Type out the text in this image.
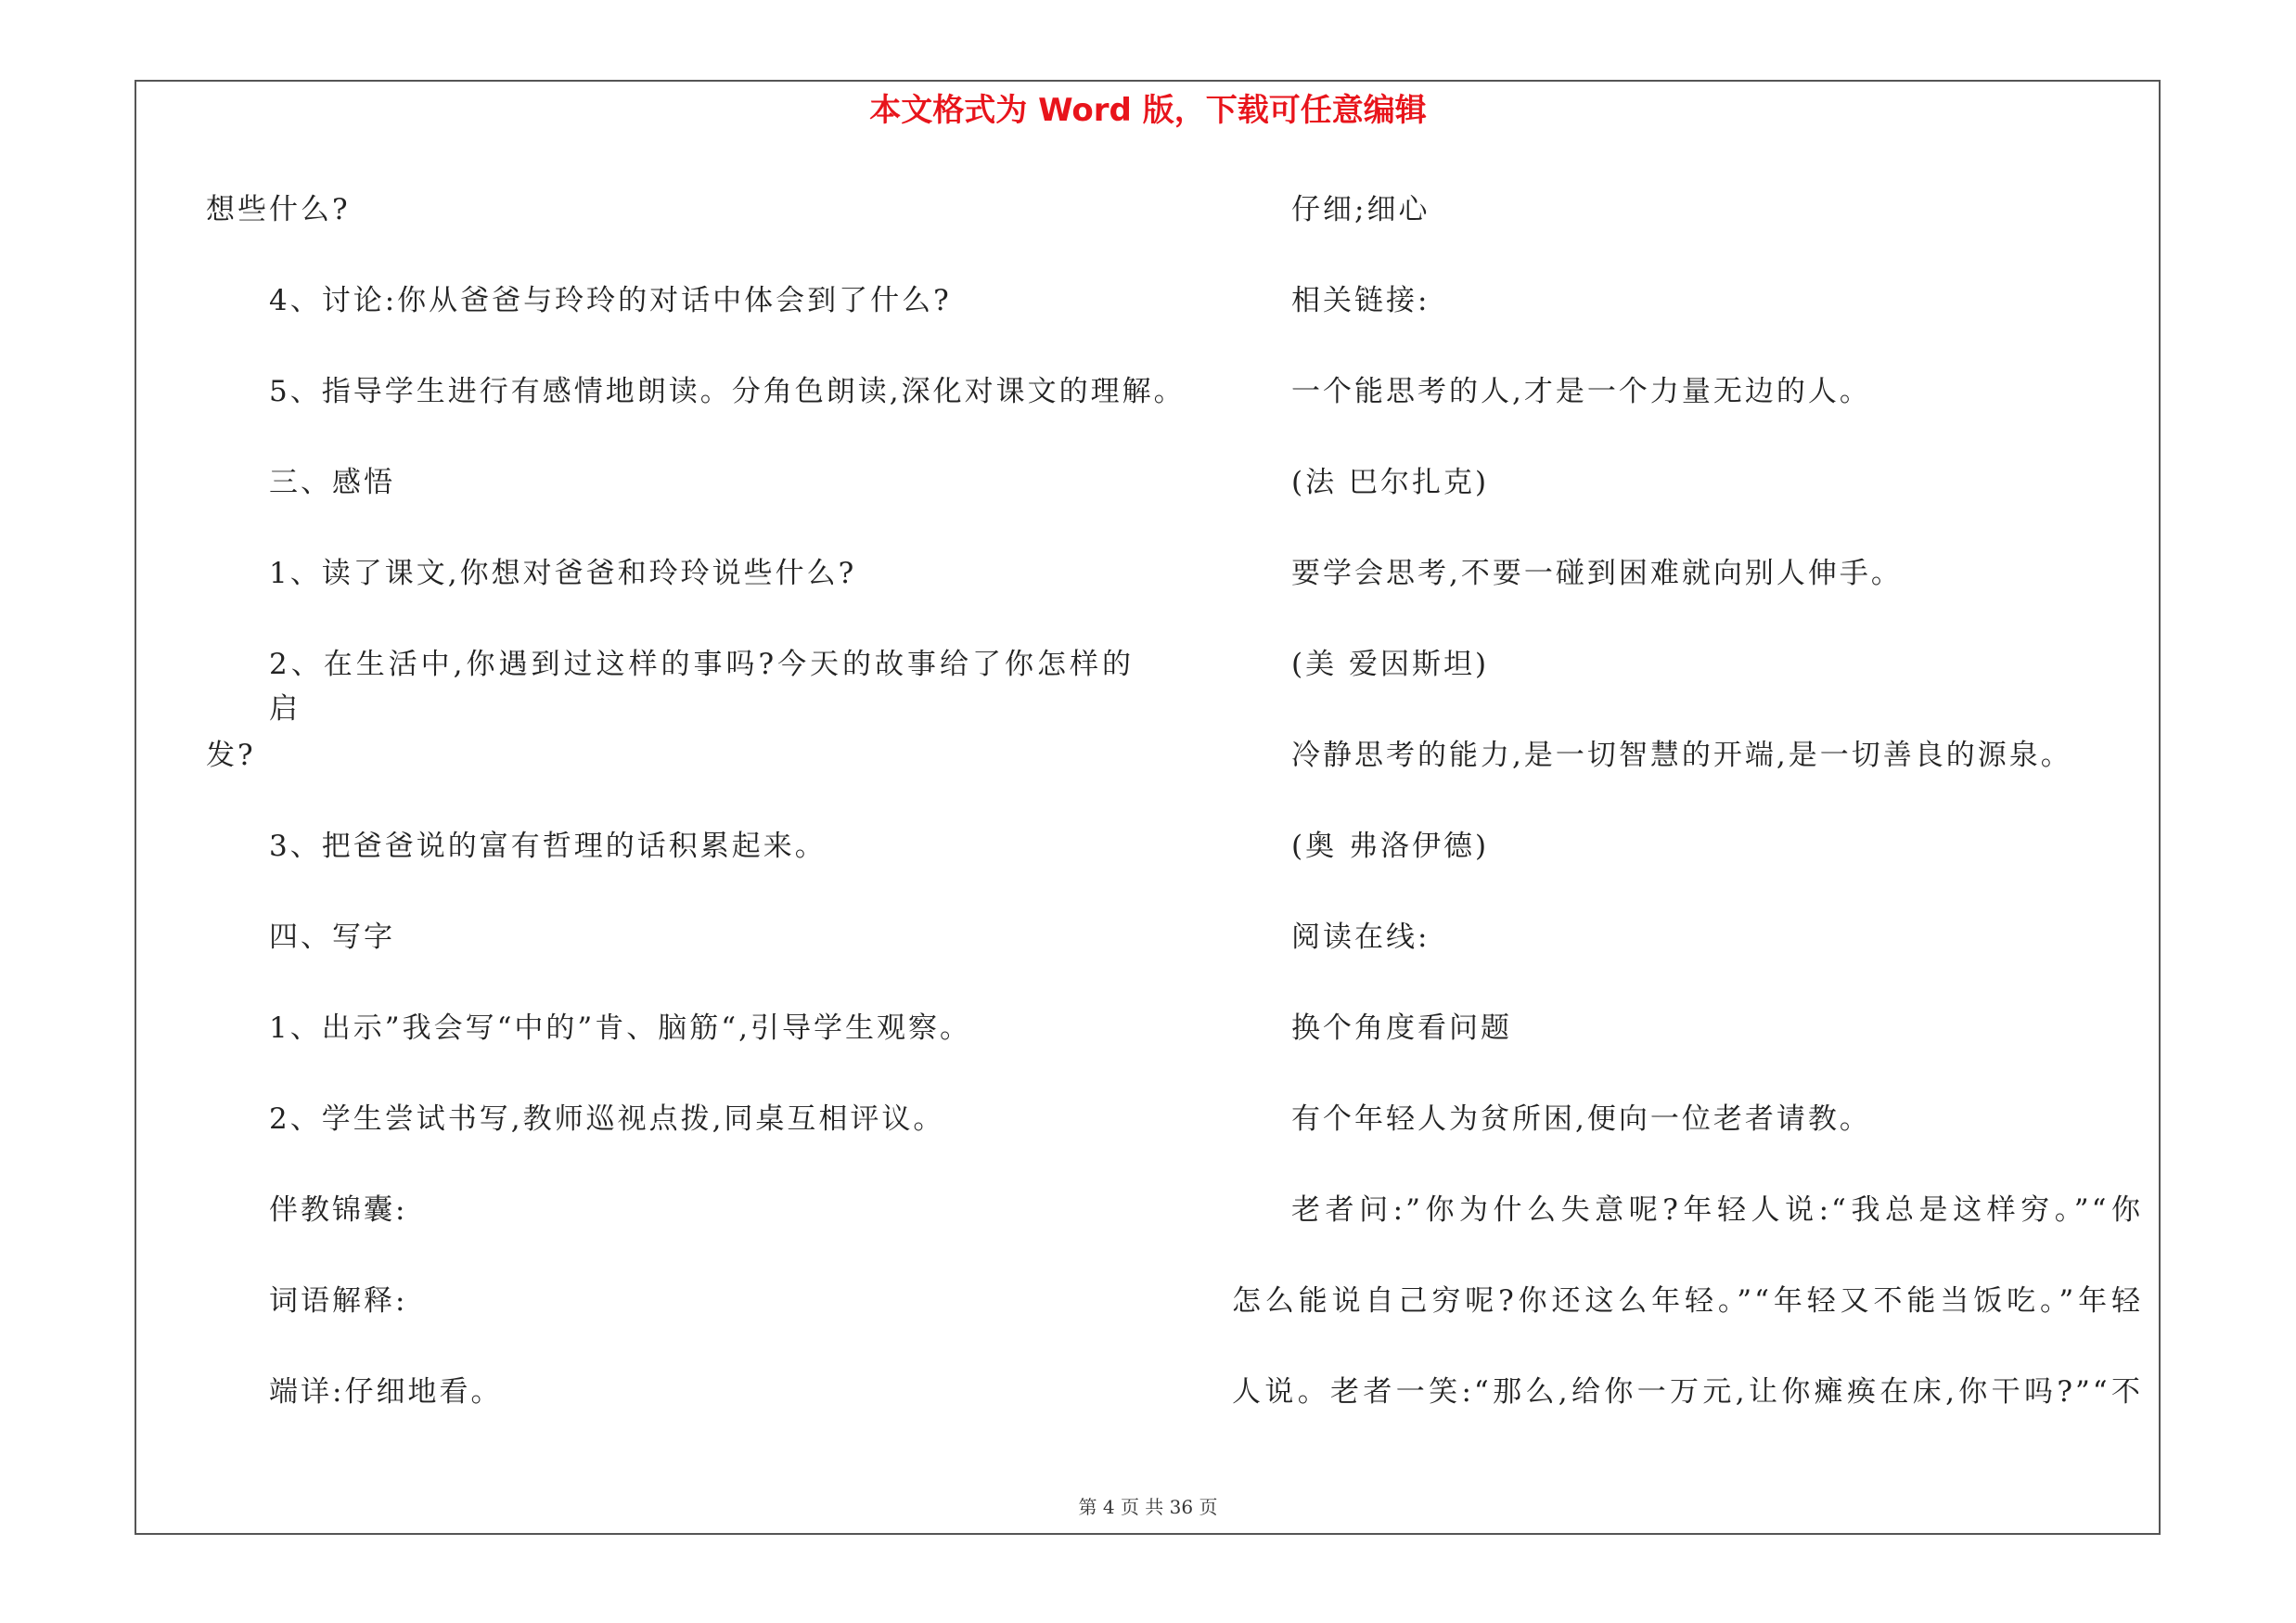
本文格式为 Word 版，下载可任意编辑
想些什么?
4、讨论:你从爸爸与玲玲的对话中体会到了什么?
5、指导学生进行有感情地朗读。分角色朗读,深化对课文的理解。
三、感悟
1、读了课文,你想对爸爸和玲玲说些什么?
2、在生活中,你遇到过这样的事吗?今天的故事给了你怎样的启
发?
3、把爸爸说的富有哲理的话积累起来。
四、写字
1、出示”我会写“中的”肯、脑筋“,引导学生观察。
2、学生尝试书写,教师巡视点拨,同桌互相评议。
伴教锦囊:
词语解释:
端详:仔细地看。
仔细;细心
相关链接:
一个能思考的人,才是一个力量无边的人。
(法 巴尔扎克)
要学会思考,不要一碰到困难就向别人伸手。
(美 爱因斯坦)
冷静思考的能力,是一切智慧的开端,是一切善良的源泉。
(奥 弗洛伊德)
阅读在线:
换个角度看问题
有个年轻人为贫所困,便向一位老者请教。
老者问:”你为什么失意呢?年轻人说:“我总是这样穷。”“你
怎么能说自己穷呢?你还这么年轻。”“年轻又不能当饭吃。”年轻
人说。老者一笑:“那么,给你一万元,让你瘫痪在床,你干吗?”“不
第 4 页 共 36 页
